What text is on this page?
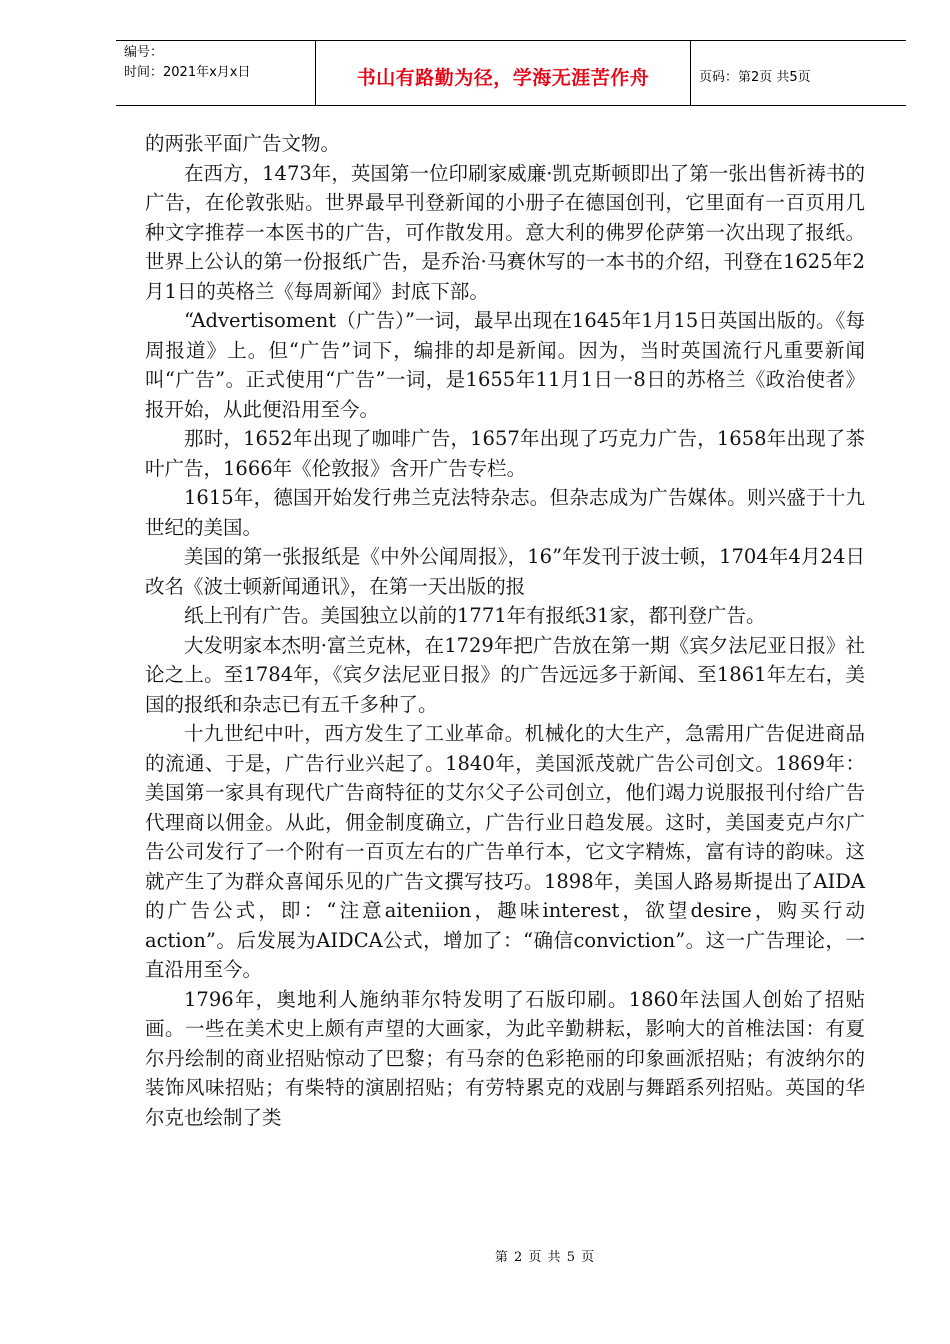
编号：
时间：2021年x月x日	书山有路勤为径，学海无涯苦作舟	页码：第2页 共5页

的两张平面广告文物。

在西方，1473年，英国第一位印刷家威廉·凯克斯顿即出了第一张出售祈祷书的广告，在伦敦张贴。世界最早刊登新闻的小册子在德国创刊，它里面有一百页用几种文字推荐一本医书的广告，可作散发用。意大利的佛罗伦萨第一次出现了报纸。世界上公认的第一份报纸广告，是乔治·马赛休写的一本书的介绍，刊登在1625年2月1日的英格兰《每周新闻》封底下部。

“Advertisoment（广告）”一词，最早出现在1645年1月15日英国出版的。《每周报道》上。但“广告”词下，编排的却是新闻。因为，当时英国流行凡重要新闻叫“广告”。正式使用“广告”一词，是1655年11月1日一8日的苏格兰《政治使者》报开始，从此便沿用至今。

那时，1652年出现了咖啡广告，1657年出现了巧克力广告，1658年出现了茶叶广告，1666年《伦敦报》含开广告专栏。

1615年，德国开始发行弗兰克法特杂志。但杂志成为广告媒体。则兴盛于十九世纪的美国。

美国的第一张报纸是《中外公闻周报》，16”年发刊于波士顿，1704年4月24日改名《波士顿新闻通讯》，在第一天出版的报

纸上刊有广告。美国独立以前的1771年有报纸31家，都刊登广告。

大发明家本杰明·富兰克林，在1729年把广告放在第一期《宾夕法尼亚日报》社论之上。至1784年，《宾夕法尼亚日报》的广告远远多于新闻、至1861年左右，美国的报纸和杂志已有五千多种了。

十九世纪中叶，西方发生了工业革命。机械化的大生产，急需用广告促进商品的流通、于是，广告行业兴起了。1840年，美国派茂就广告公司创文。1869年：美国第一家具有现代广告商特征的艾尔父子公司创立，他们竭力说服报刊付给广告代理商以佣金。从此，佣金制度确立，广告行业日趋发展。这时，美国麦克卢尔广告公司发行了一个附有一百页左右的广告单行本，它文字精炼，富有诗的韵味。这就产生了为群众喜闻乐见的广告文撰写技巧。1898年，美国人路易斯提出了AIDA的广告公式，即：“注意aiteniion，趣味interest，欲望desire，购买行动action”。后发展为AIDCA公式，增加了：“确信conviction”。这一广告理论，一直沿用至今。

1796年，奥地利人施纳菲尔特发明了石版印刷。1860年法国人创始了招贴画。一些在美术史上颇有声望的大画家，为此辛勤耕耘，影响大的首椎法国：有夏尔丹绘制的商业招贴惊动了巴黎；有马奈的色彩艳丽的印象画派招贴；有波纳尔的装饰风味招贴；有柴特的演剧招贴；有劳特累克的戏剧与舞蹈系列招贴。英国的华尔克也绘制了类

第 2 页 共 5 页
